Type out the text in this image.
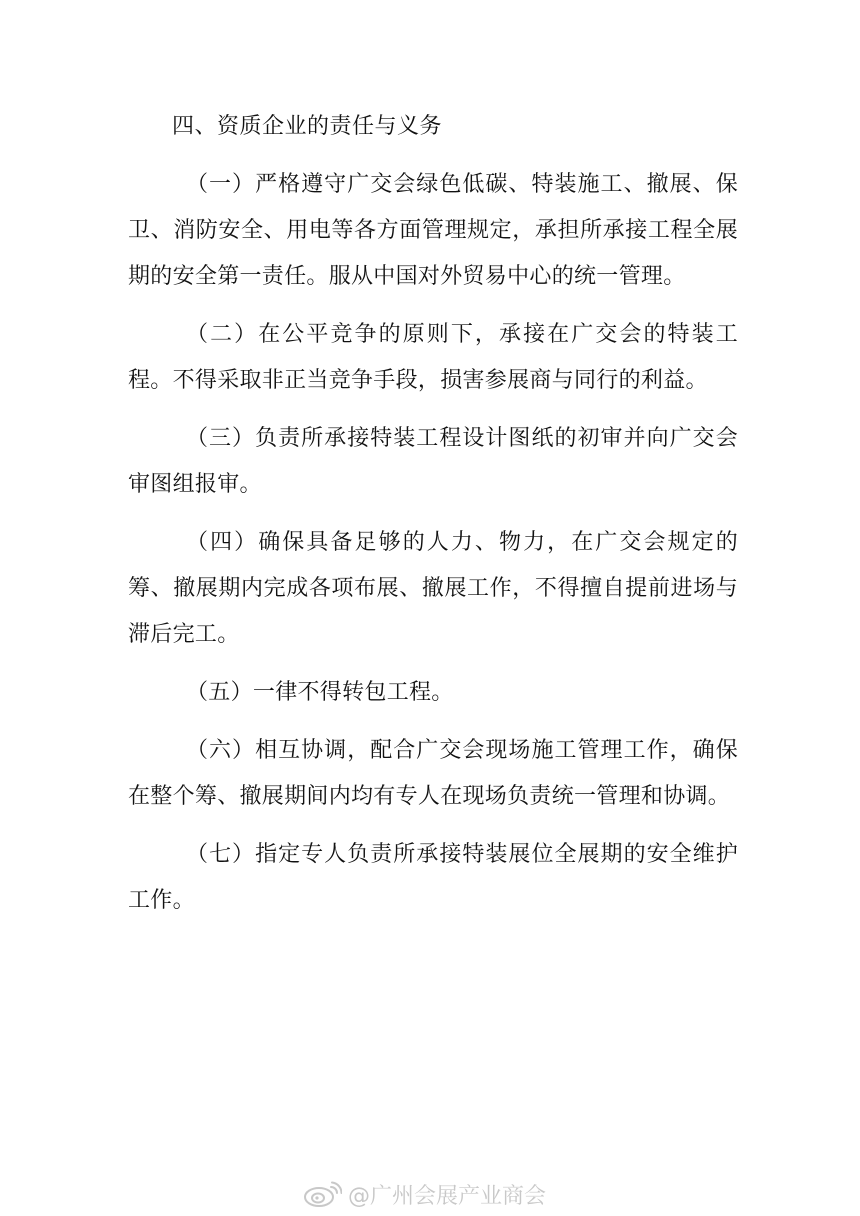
四、资质企业的责任与义务

（一）严格遵守广交会绿色低碳、特装施工、撤展、保卫、消防安全、用电等各方面管理规定，承担所承接工程全展期的安全第一责任。服从中国对外贸易中心的统一管理。

（二）在公平竞争的原则下，承接在广交会的特装工程。不得采取非正当竞争手段，损害参展商与同行的利益。

（三）负责所承接特装工程设计图纸的初审并向广交会审图组报审。

（四）确保具备足够的人力、物力，在广交会规定的筹、撤展期内完成各项布展、撤展工作，不得擅自提前进场与滞后完工。

（五）一律不得转包工程。

（六）相互协调，配合广交会现场施工管理工作，确保在整个筹、撤展期间内均有专人在现场负责统一管理和协调。

（七）指定专人负责所承接特装展位全展期的安全维护工作。

@广州会展产业商会
